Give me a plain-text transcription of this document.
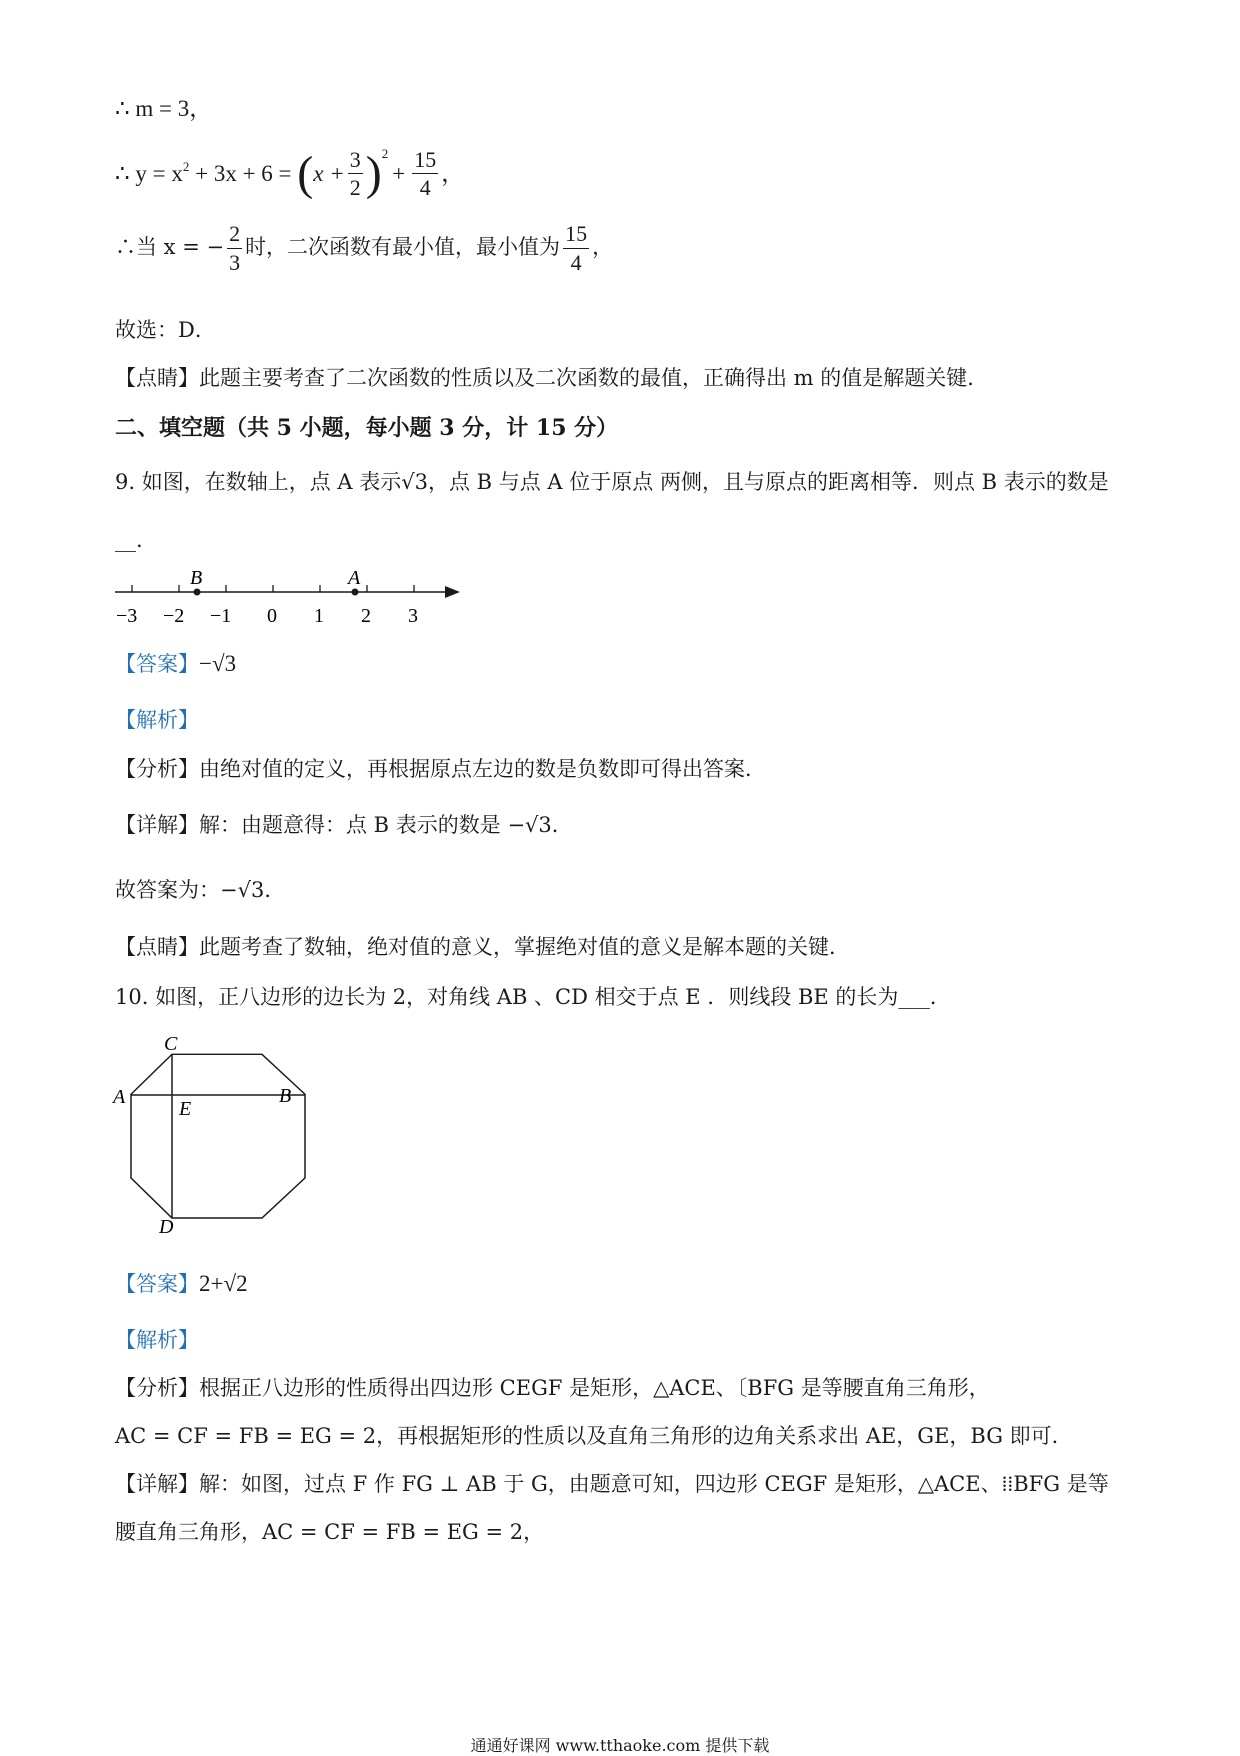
∴ m = 3，
∴ $y = x^2 + 3x + 6$ = ( $x + \frac{3}{2} )^2$
+ $\frac{15}{4}$ ，
∴当 x = − $\frac{2}{3}$ 时，二次函数有最小值，最小值为 $\frac{15}{4}$ ，
故选：D．
【点睛】此题主要考查了二次函数的性质以及二次函数的最值，正确得出 m 的值是解题关键．
二、填空题（共 5 小题，每小题 3 分，计 15 分）
9. 如图，在数轴上，点 A 表示√3，点 B 与点 A 位于原点 两侧，且与原点的距离相等．则点 B 表示的数是
__.
B	A
−3 −2 −1 0 1 2 3
【答案】−√3
【解析】
【分析】由绝对值的定义，再根据原点左边的数是负数即可得出答案．
【详解】解：由题意得：点 B 表示的数是 −√3．
故答案为：−√3．
【点睛】此题考查了数轴，绝对值的意义，掌握绝对值的意义是解本题的关键．
10. 如图，正八边形的边长为 2，对角线 AB 、CD 相交于点 E ．则线段 BE 的长为___．
C
A	B
E
D
【答案】2+√2
【解析】
【分析】根据正八边形的性质得出四边形 CEGF 是矩形，△ACE、〔BFG 是等腰直角三角形，
AC = CF = FB = EG = 2，再根据矩形的性质以及直角三角形的边角关系求出 AE，GE，BG 即可．
【详解】解：如图，过点 F 作 FG ⊥ AB 于 G，由题意可知，四边形 CEGF 是矩形，△ACE、⁞⁞BFG 是等
腰直角三角形，AC = CF = FB = EG = 2，
通通好课网 www.tthaoke.com 提供下载
